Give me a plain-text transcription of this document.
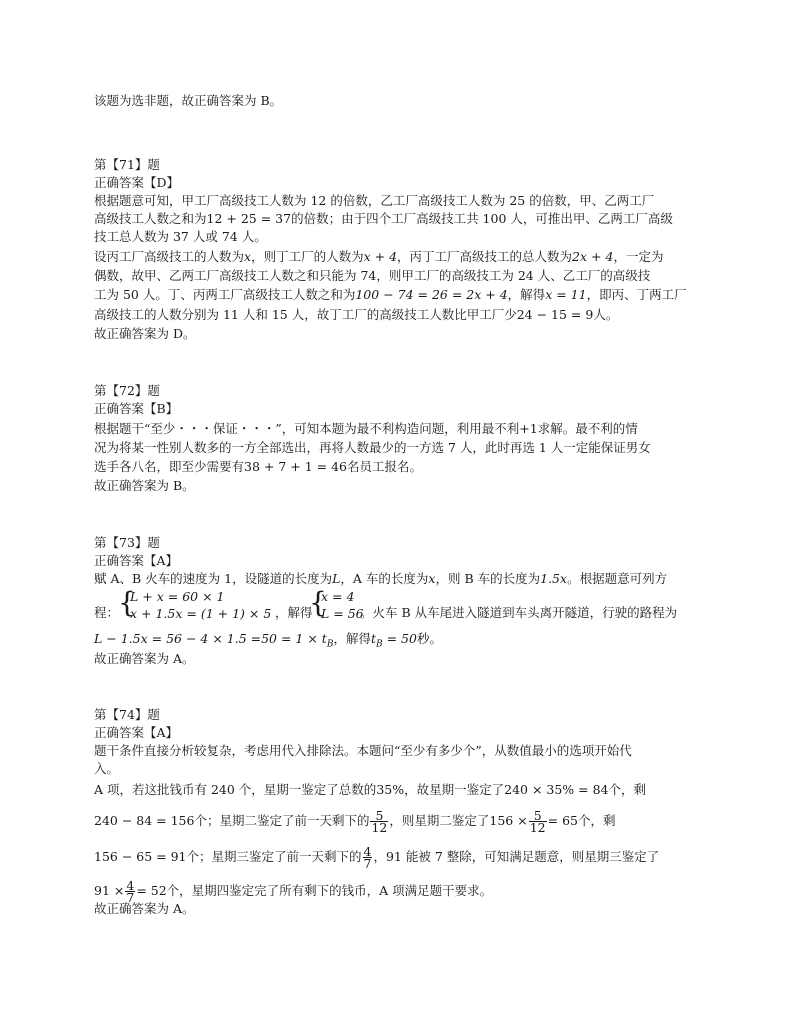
该题为选非题，故正确答案为 B。
第【71】题
正确答案【D】
根据题意可知，甲工厂高级技工人数为 12 的倍数，乙工厂高级技工人数为 25 的倍数，甲、乙两工厂
高级技工人数之和为12 + 25 = 37的倍数；由于四个工厂高级技工共 100 人，可推出甲、乙两工厂高级
技工总人数为 37 人或 74 人。
设丙工厂高级技工的人数为x，则丁工厂的人数为x + 4，丙丁工厂高级技工的总人数为2x + 4，一定为
偶数，故甲、乙两工厂高级技工人数之和只能为 74，则甲工厂的高级技工为 24 人、乙工厂的高级技
工为 50 人。丁、丙两工厂高级技工人数之和为100 − 74 = 26 = 2x + 4，解得x = 11，即丙、丁两工厂
高级技工的人数分别为 11 人和 15 人，故丁工厂的高级技工人数比甲工厂少24 − 15 = 9人。
故正确答案为 D。
第【72】题
正确答案【B】
根据题干“至少・・・保证・・・”，可知本题为最不利构造问题，利用最不利+1求解。最不利的情
况为将某一性别人数多的一方全部选出，再将人数最少的一方选 7 人，此时再选 1 人一定能保证男女
选手各八名，即至少需要有38 + 7 + 1 = 46名员工报名。
故正确答案为 B。
第【73】题
正确答案【A】
赋 A、B 火车的速度为 1，设隧道的长度为L，A 车的长度为x，则 B 车的长度为1.5x。根据题意可列方
程：
{
L + x = 60 × 1
x + 1.5x = (1 + 1) × 5 ，解得
{
x = 4
L = 56
。火车 B 从车尾进入隧道到车头离开隧道，行驶的路程为
$L - 1.5x = 56 - 4 \times 1.5 =50 = 1 \times t_B$，解得$t_B = 50$秒。
故正确答案为 A。
第【74】题
正确答案【A】
题干条件直接分析较复杂，考虑用代入排除法。本题问“至少有多少个”，从数值最小的选项开始代
入。
A 项，若这批钱币有 240 个，星期一鉴定了总数的35%，故星期一鉴定了240 × 35% = 84个，剩
240 − 84 = 156个；星期二鉴定了前一天剩下的 $\frac{5}{12}$ ，则星期二鉴定了$156 \times \frac{5}{12} = 65$个，剩
156 − 65 = 91个；星期三鉴定了前一天剩下的 $\frac{4}{7}$ ，91 能被 7 整除，可知满足题意，则星期三鉴定了
$91 \times \frac{4}{7} = 52$个，星期四鉴定完了所有剩下的钱币，A 项满足题干要求。
故正确答案为 A。
